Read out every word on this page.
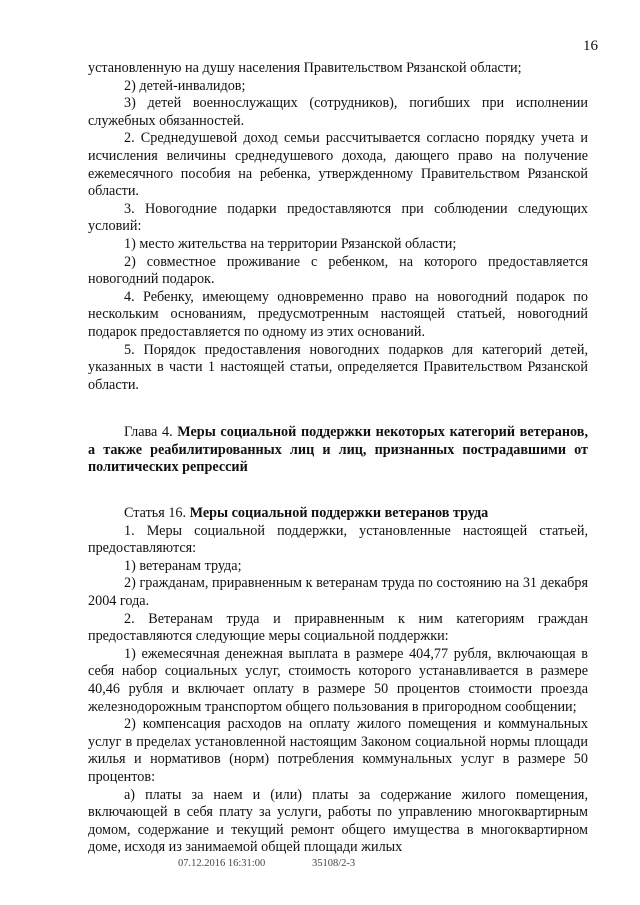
16

установленную на душу населения Правительством Рязанской области;

2) детей-инвалидов;

3) детей военнослужащих (сотрудников), погибших при исполнении служебных обязанностей.

2. Среднедушевой доход семьи рассчитывается согласно порядку учета и исчисления величины среднедушевого дохода, дающего право на получение ежемесячного пособия на ребенка, утвержденному Правительством Рязанской области.

3. Новогодние подарки предоставляются при соблюдении следующих условий:

1) место жительства на территории Рязанской области;

2) совместное проживание с ребенком, на которого предоставляется новогодний подарок.

4. Ребенку, имеющему одновременно право на новогодний подарок по нескольким основаниям, предусмотренным настоящей статьей, новогодний подарок предоставляется по одному из этих оснований.

5. Порядок предоставления новогодних подарков для категорий детей, указанных в части 1 настоящей статьи, определяется Правительством Рязанской области.

Глава 4. Меры социальной поддержки некоторых категорий ветеранов, а также реабилитированных лиц и лиц, признанных пострадавшими от политических репрессий

Статья 16. Меры социальной поддержки ветеранов труда

1. Меры социальной поддержки, установленные настоящей статьей, предоставляются:

1) ветеранам труда;

2) гражданам, приравненным к ветеранам труда по состоянию на 31 декабря 2004 года.

2. Ветеранам труда и приравненным к ним категориям граждан предоставляются следующие меры социальной поддержки:

1) ежемесячная денежная выплата в размере 404,77 рубля, включающая в себя набор социальных услуг, стоимость которого устанавливается в размере 40,46 рубля и включает оплату в размере 50 процентов стоимости проезда железнодорожным транспортом общего пользования в пригородном сообщении;

2) компенсация расходов на оплату жилого помещения и коммунальных услуг в пределах установленной настоящим Законом социальной нормы площади жилья и нормативов (норм) потребления коммунальных услуг в размере 50 процентов:

а) платы за наем и (или) платы за содержание жилого помещения, включающей в себя плату за услуги, работы по управлению многоквартирным домом, содержание и текущий ремонт общего имущества в многоквартирном доме, исходя из занимаемой общей площади жилых

07.12.2016 16:31:00	35108/2-3
